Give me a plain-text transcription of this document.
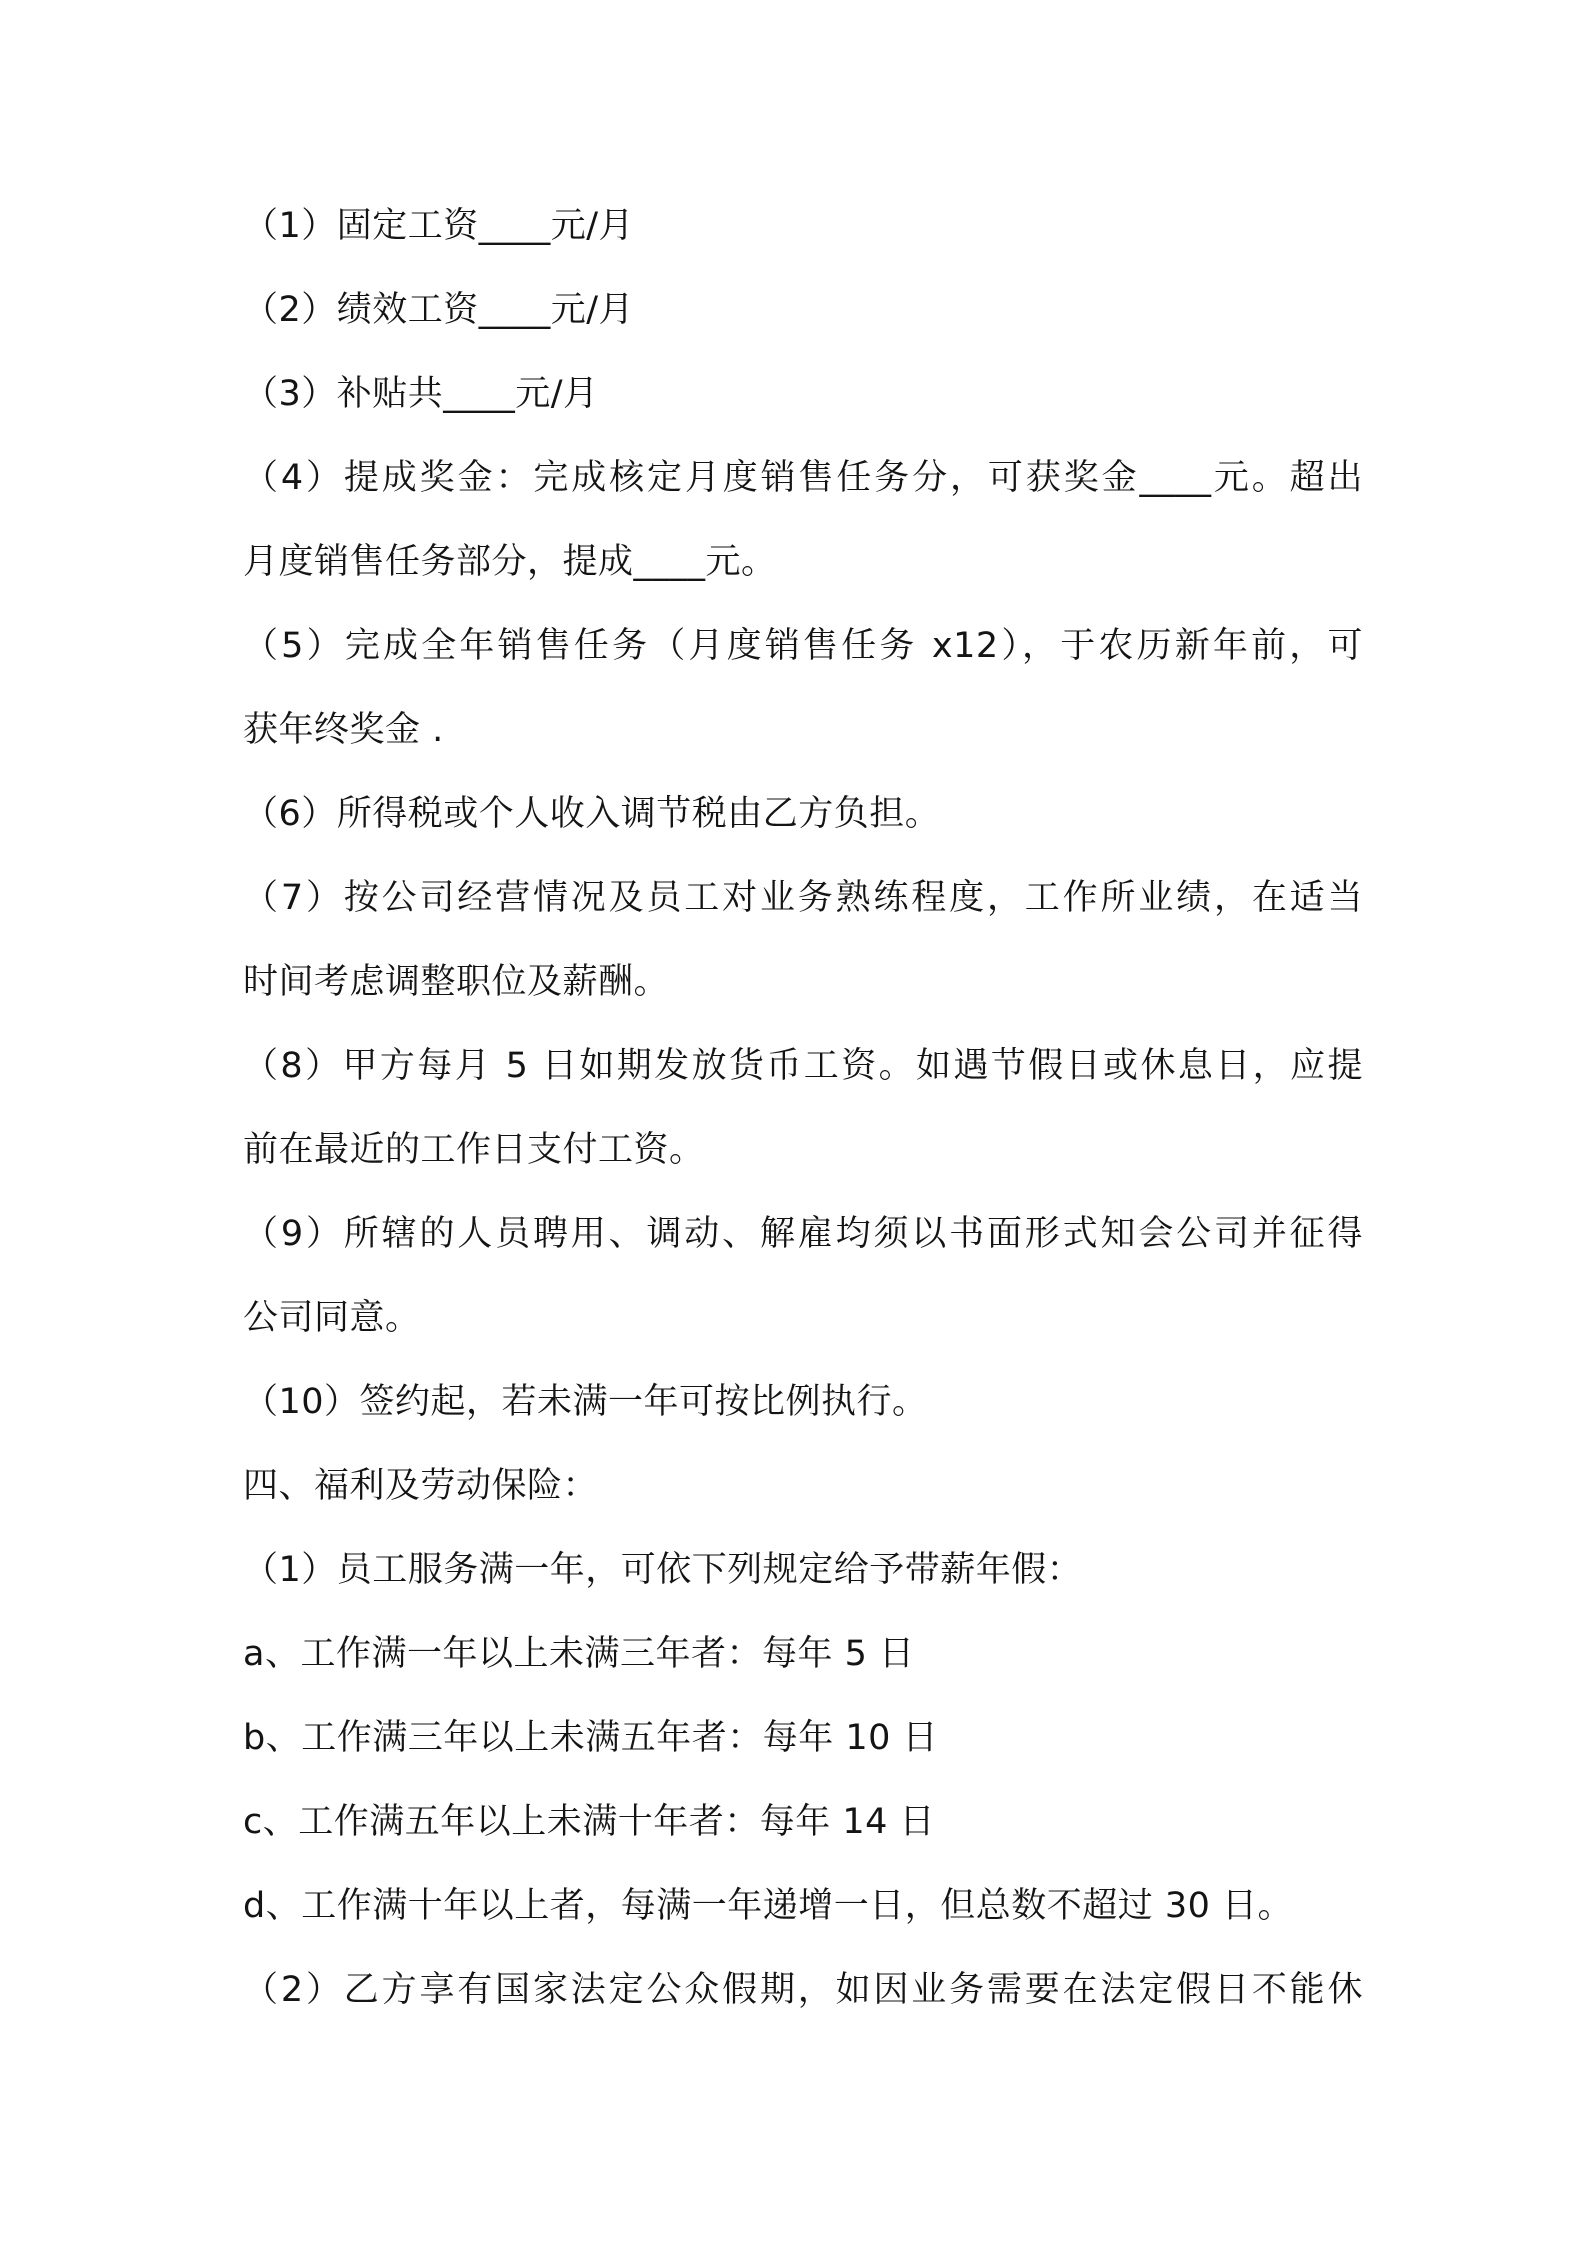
（1）固定工资____元/月
（2）绩效工资____元/月
（3）补贴共____元/月
（4）提成奖金：完成核定月度销售任务分，可获奖金____元。超出
月度销售任务部分，提成____元。
（5）完成全年销售任务（月度销售任务 x12），于农历新年前，可
获年终奖金 .
（6）所得税或个人收入调节税由乙方负担。
（7）按公司经营情况及员工对业务熟练程度，工作所业绩，在适当
时间考虑调整职位及薪酬。
（8）甲方每月 5 日如期发放货币工资。如遇节假日或休息日，应提
前在最近的工作日支付工资。
（9）所辖的人员聘用、调动、解雇均须以书面形式知会公司并征得
公司同意。
（10）签约起，若未满一年可按比例执行。
四、福利及劳动保险：
（1）员工服务满一年，可依下列规定给予带薪年假：
a、工作满一年以上未满三年者：每年 5 日
b、工作满三年以上未满五年者：每年 10 日
c、工作满五年以上未满十年者：每年 14 日
d、工作满十年以上者，每满一年递增一日，但总数不超过 30 日。
（2）乙方享有国家法定公众假期，如因业务需要在法定假日不能休
